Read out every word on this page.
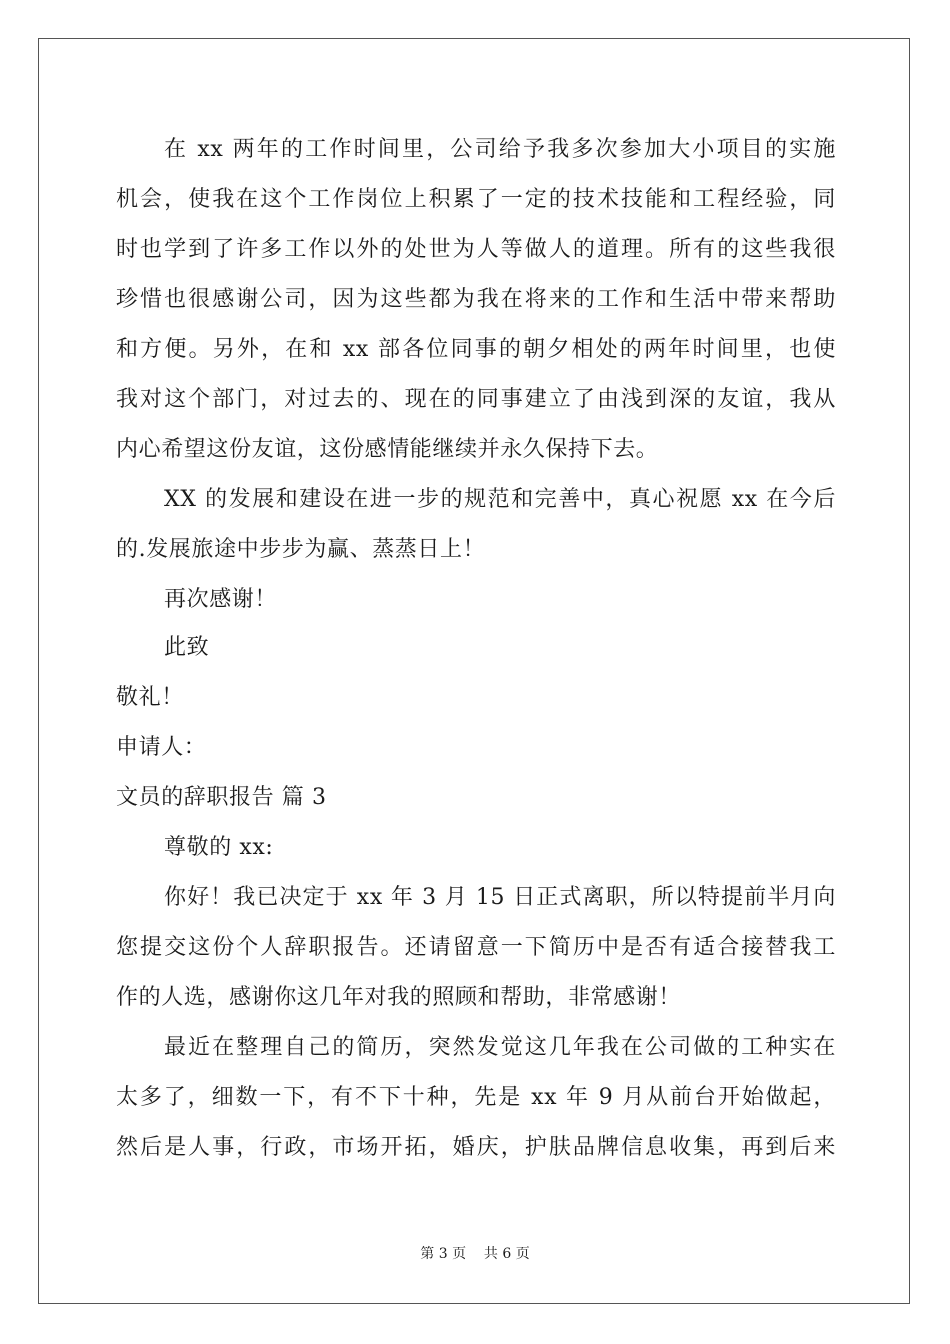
在 xx 两年的工作时间里，公司给予我多次参加大小项目的实施
机会，使我在这个工作岗位上积累了一定的技术技能和工程经验，同
时也学到了许多工作以外的处世为人等做人的道理。所有的这些我很
珍惜也很感谢公司，因为这些都为我在将来的工作和生活中带来帮助
和方便。另外，在和 xx 部各位同事的朝夕相处的两年时间里，也使
我对这个部门，对过去的、现在的同事建立了由浅到深的友谊，我从
内心希望这份友谊，这份感情能继续并永久保持下去。
XX 的发展和建设在进一步的规范和完善中，真心祝愿 xx 在今后
的.发展旅途中步步为赢、蒸蒸日上！
再次感谢！
此致
敬礼！
申请人：
文员的辞职报告 篇 3
尊敬的 xx:
你好！我已决定于 xx 年 3 月 15 日正式离职，所以特提前半月向
您提交这份个人辞职报告。还请留意一下简历中是否有适合接替我工
作的人选，感谢你这几年对我的照顾和帮助，非常感谢！
最近在整理自己的简历，突然发觉这几年我在公司做的工种实在
太多了，细数一下，有不下十种，先是 xx 年 9 月从前台开始做起，
然后是人事，行政，市场开拓，婚庆，护肤品牌信息收集，再到后来
第 3 页    共 6 页
